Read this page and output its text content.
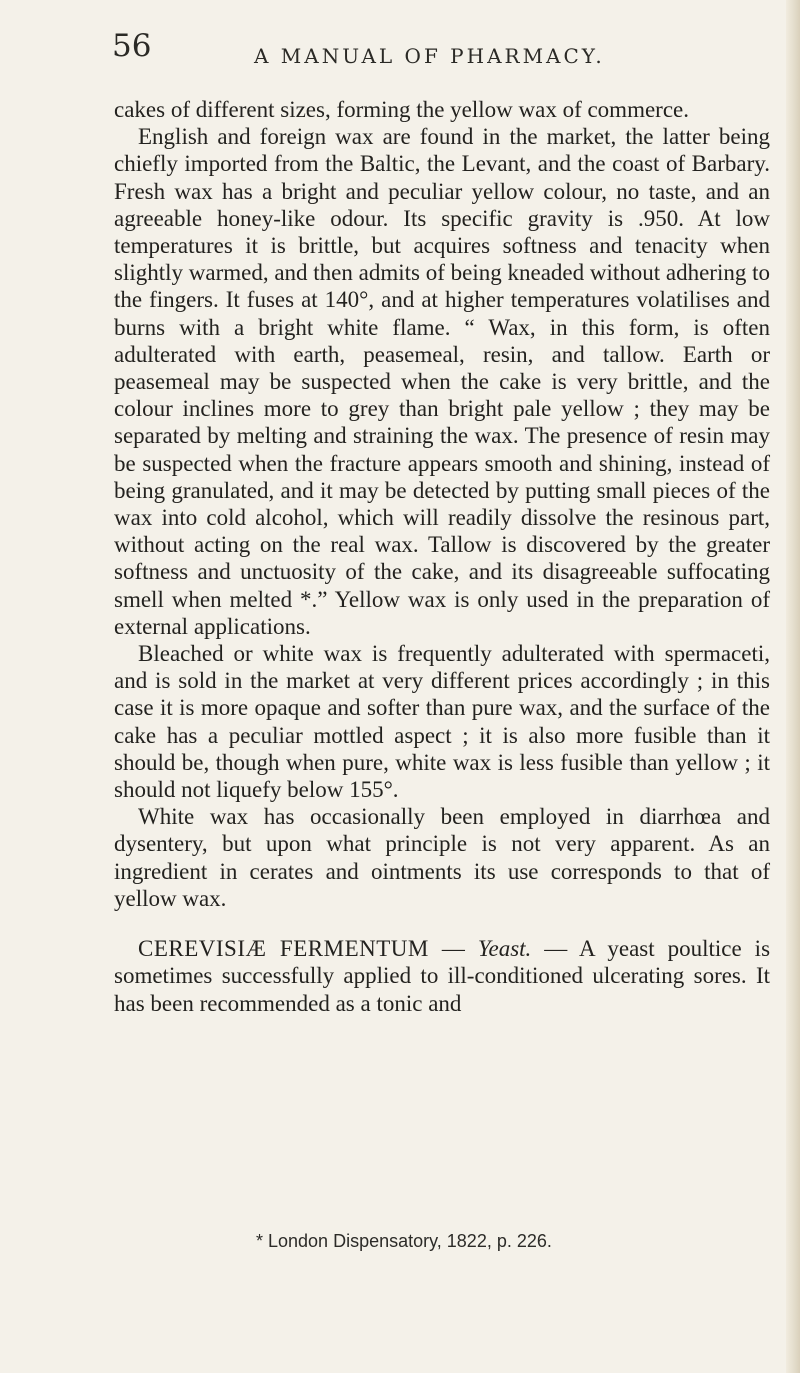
56	A MANUAL OF PHARMACY.

cakes of different sizes, forming the yellow wax of commerce.

English and foreign wax are found in the market, the latter being chiefly imported from the Baltic, the Levant, and the coast of Barbary. Fresh wax has a bright and peculiar yellow colour, no taste, and an agreeable honey-like odour. Its specific gravity is .950. At low temperatures it is brittle, but acquires softness and tenacity when slightly warmed, and then admits of being kneaded without adhering to the fingers. It fuses at 140°, and at higher temperatures volatilises and burns with a bright white flame. “ Wax, in this form, is often adulterated with earth, peasemeal, resin, and tallow. Earth or peasemeal may be suspected when the cake is very brittle, and the colour inclines more to grey than bright pale yellow ; they may be separated by melting and straining the wax. The presence of resin may be suspected when the fracture appears smooth and shining, instead of being granulated, and it may be detected by putting small pieces of the wax into cold alcohol, which will readily dissolve the resinous part, without acting on the real wax. Tallow is discovered by the greater softness and unctuosity of the cake, and its disagreeable suffocating smell when melted *.” Yellow wax is only used in the preparation of external applications.

Bleached or white wax is frequently adulterated with spermaceti, and is sold in the market at very different prices accordingly ; in this case it is more opaque and softer than pure wax, and the surface of the cake has a peculiar mottled aspect ; it is also more fusible than it should be, though when pure, white wax is less fusible than yellow ; it should not liquefy below 155°.

White wax has occasionally been employed in diarrhœa and dysentery, but upon what principle is not very apparent. As an ingredient in cerates and ointments its use corresponds to that of yellow wax.

CEREVISIÆ FERMENTUM — Yeast. — A yeast poultice is sometimes successfully applied to ill-conditioned ulcerating sores. It has been recommended as a tonic and

* London Dispensatory, 1822, p. 226.
